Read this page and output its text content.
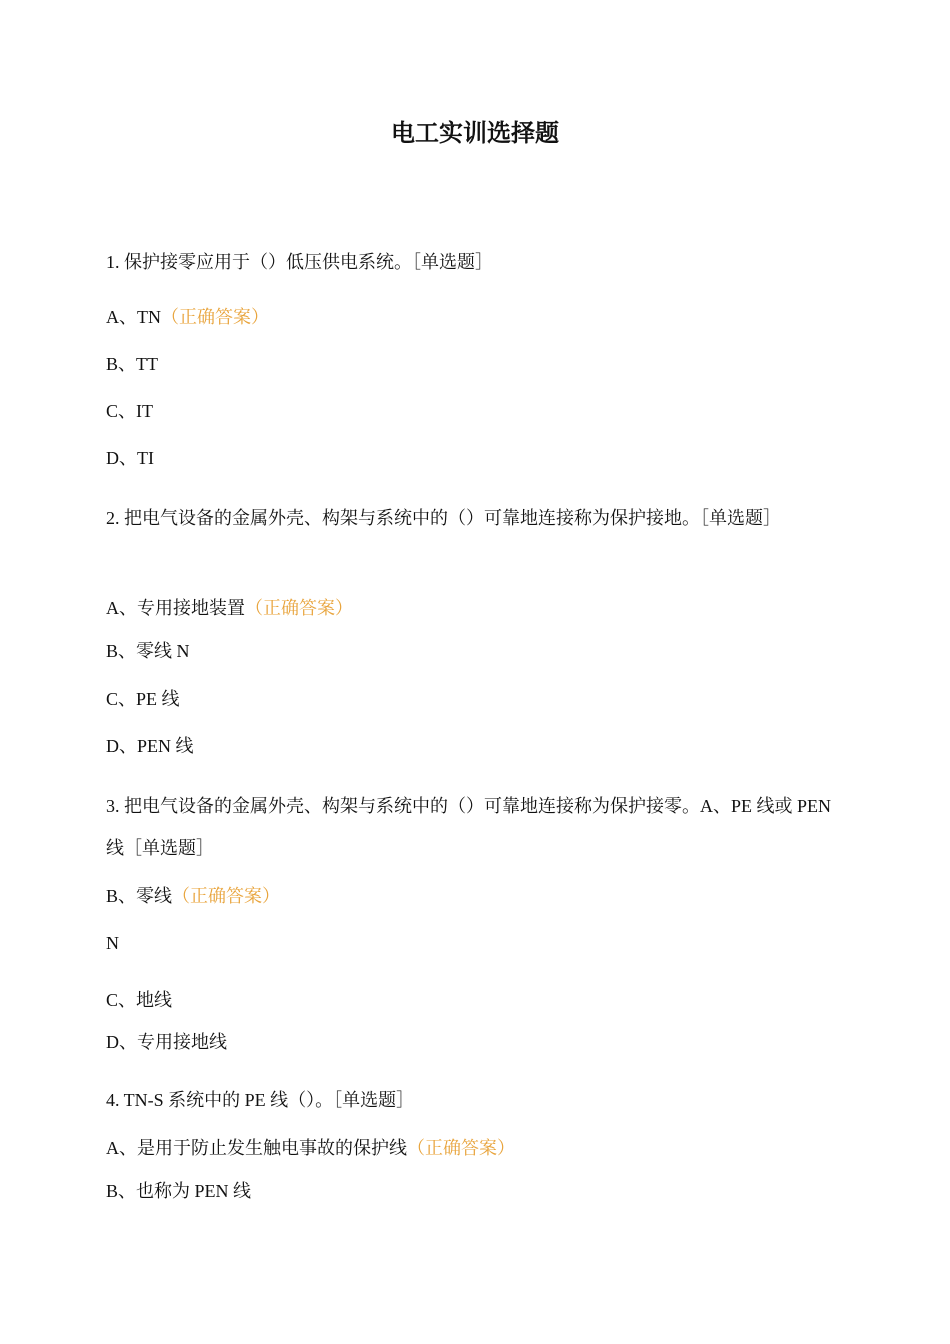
电工实训选择题
1. 保护接零应用于（）低压供电系统。［单选题］
A、TN（正确答案）
B、TT
C、IT
D、TI
2. 把电气设备的金属外壳、构架与系统中的（）可靠地连接称为保护接地。［单选题］
A、专用接地装置（正确答案）
B、零线 N
C、PE 线
D、PEN 线
3. 把电气设备的金属外壳、构架与系统中的（）可靠地连接称为保护接零。A、PE 线或 PEN 线［单选题］
B、零线（正确答案）
N
C、地线
D、专用接地线
4. TN-S 系统中的 PE 线（）。［单选题］
A、是用于防止发生触电事故的保护线（正确答案）
B、也称为 PEN 线
